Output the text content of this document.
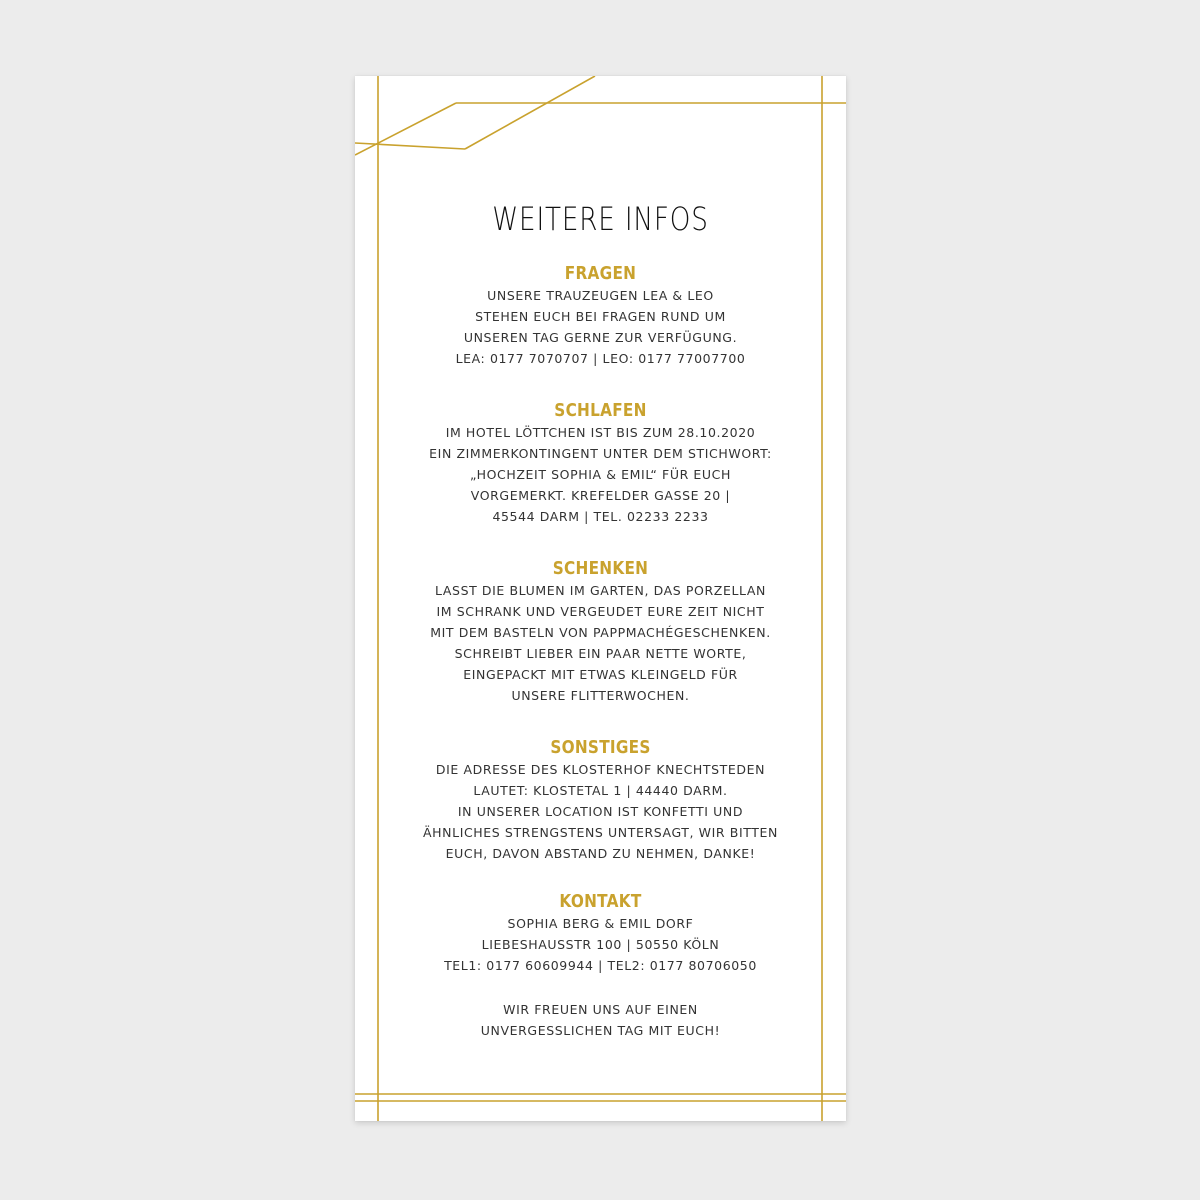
WEITERE INFOS
FRAGEN
UNSERE TRAUZEUGEN LEA & LEO
STEHEN EUCH BEI FRAGEN RUND UM
UNSEREN TAG GERNE ZUR VERFÜGUNG.
LEA: 0177 7070707 | LEO: 0177 77007700
SCHLAFEN
IM HOTEL LÖTTCHEN IST BIS ZUM 28.10.2020
EIN ZIMMERKONTINGENT UNTER DEM STICHWORT:
„HOCHZEIT SOPHIA & EMIL“ FÜR EUCH
VORGEMERKT. KREFELDER GASSE 20 |
45544 DARM | TEL. 02233 2233
SCHENKEN
LASST DIE BLUMEN IM GARTEN, DAS PORZELLAN
IM SCHRANK UND VERGEUDET EURE ZEIT NICHT
MIT DEM BASTELN VON PAPPMACHÉGESCHENKEN.
SCHREIBT LIEBER EIN PAAR NETTE WORTE,
EINGEPACKT MIT ETWAS KLEINGELD FÜR
UNSERE FLITTERWOCHEN.
SONSTIGES
DIE ADRESSE DES KLOSTERHOF KNECHTSTEDEN
LAUTET: KLOSTETAL 1 | 44440 DARM.
IN UNSERER LOCATION IST KONFETTI UND
ÄHNLICHES STRENGSTENS UNTERSAGT, WIR BITTEN
EUCH, DAVON ABSTAND ZU NEHMEN, DANKE!
KONTAKT
SOPHIA BERG & EMIL DORF
LIEBESHAUSSTR 100 | 50550 KÖLN
TEL1: 0177 60609944 | TEL2: 0177 80706050
WIR FREUEN UNS AUF EINEN
UNVERGESSLICHEN TAG MIT EUCH!
